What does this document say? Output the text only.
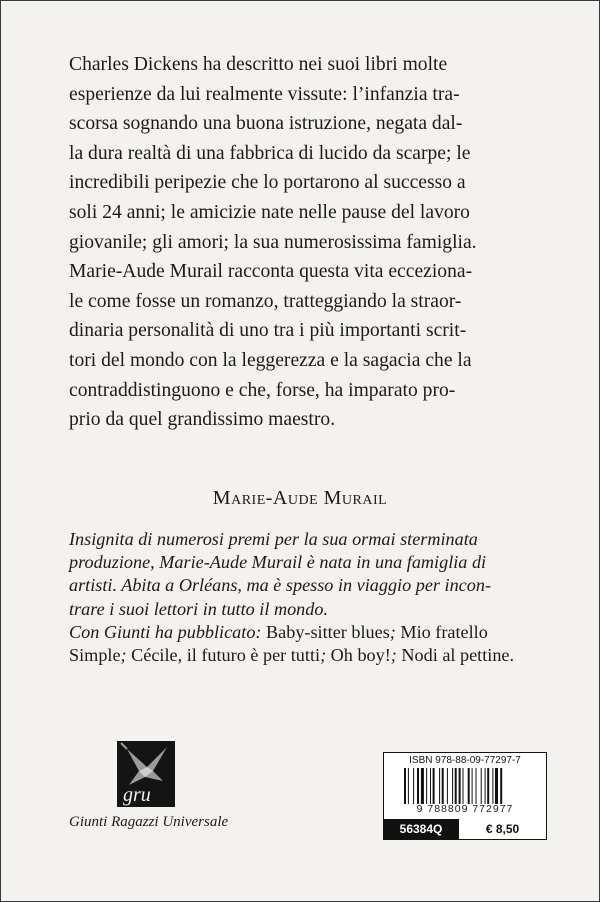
Charles Dickens ha descritto nei suoi libri molte
esperienze da lui realmente vissute: l’infanzia tra-
scorsa sognando una buona istruzione, negata dal-
la dura realtà di una fabbrica di lucido da scarpe; le
incredibili peripezie che lo portarono al successo a
soli 24 anni; le amicizie nate nelle pause del lavoro
giovanile; gli amori; la sua numerosissima famiglia.
Marie-Aude Murail racconta questa vita eccezionа-
le come fosse un romanzo, tratteggiando la straor-
dinaria personalità di uno tra i più importanti scrit-
tori del mondo con la leggerezza e la sagacia che la
contraddistinguono e che, forse, ha imparato pro-
prio da quel grandissimo maestro.
Marie-Aude Murail
Insignita di numerosi premi per la sua ormai sterminata
produzione, Marie-Aude Murail è nata in una famiglia di
artisti. Abita a Orléans, ma è spesso in viaggio per incon-
trare i suoi lettori in tutto il mondo.
Con Giunti ha pubblicato: Baby-sitter blues; Mio fratello
Simple; Cécile, il futuro è per tutti; Oh boy!; Nodi al pettine.
gru
Giunti Ragazzi Universale
ISBN 978-88-09-77297-7
9 788809 772977
56384Q	€ 8,50
